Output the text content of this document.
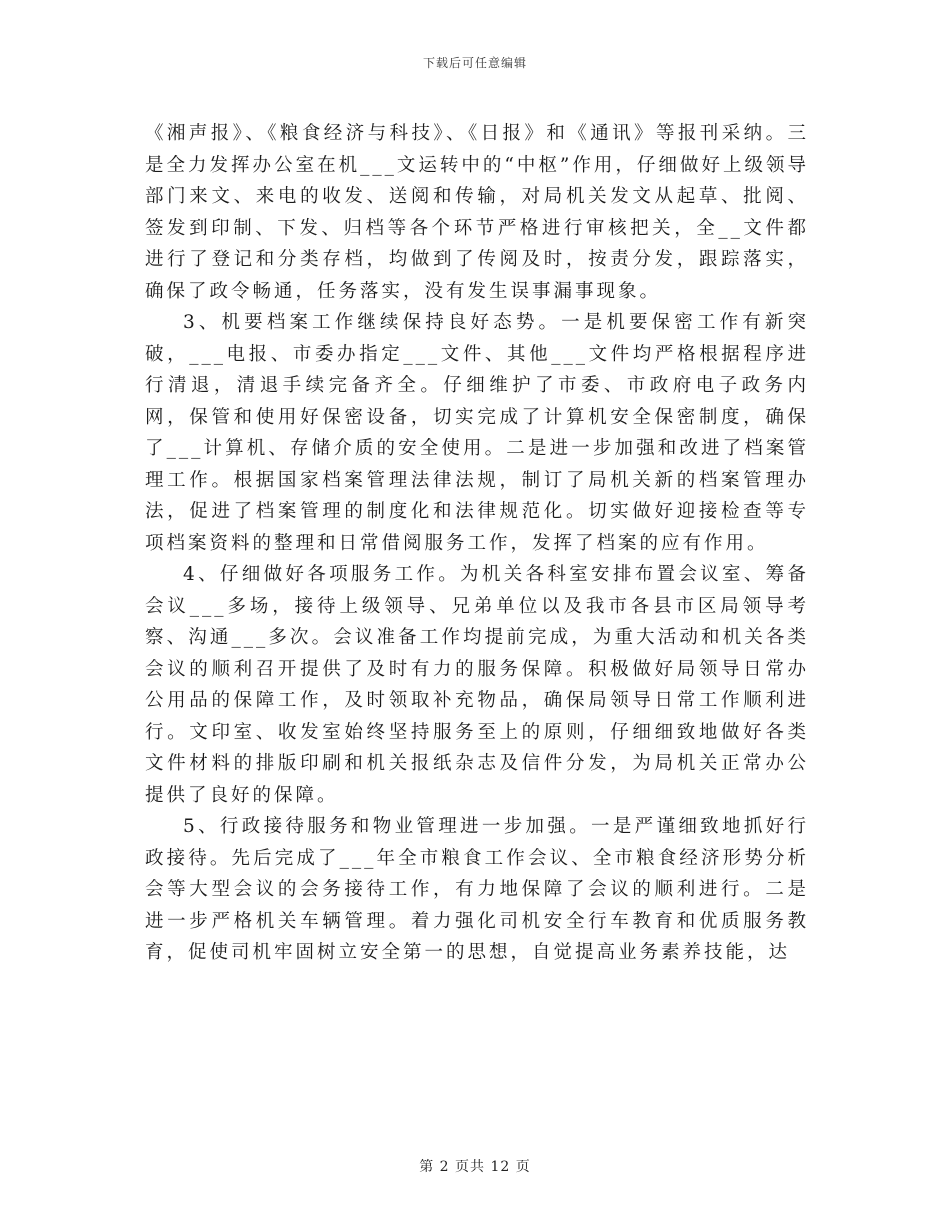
下载后可任意编辑

《湘声报》、《粮食经济与科技》、《日报》和《通讯》等报刊采纳。三是全力发挥办公室在机___文运转中的“中枢”作用，仔细做好上级领导部门来文、来电的收发、送阅和传输，对局机关发文从起草、批阅、签发到印制、下发、归档等各个环节严格进行审核把关，全__文件都进行了登记和分类存档，均做到了传阅及时，按责分发，跟踪落实，确保了政令畅通，任务落实，没有发生误事漏事现象。

3、机要档案工作继续保持良好态势。一是机要保密工作有新突破，___电报、市委办指定___文件、其他___文件均严格根据程序进行清退，清退手续完备齐全。仔细维护了市委、市政府电子政务内网，保管和使用好保密设备，切实完成了计算机安全保密制度，确保了___计算机、存储介质的安全使用。二是进一步加强和改进了档案管理工作。根据国家档案管理法律法规，制订了局机关新的档案管理办法，促进了档案管理的制度化和法律规范化。切实做好迎接检查等专项档案资料的整理和日常借阅服务工作，发挥了档案的应有作用。

4、仔细做好各项服务工作。为机关各科室安排布置会议室、筹备会议___多场，接待上级领导、兄弟单位以及我市各县市区局领导考察、沟通___多次。会议准备工作均提前完成，为重大活动和机关各类会议的顺利召开提供了及时有力的服务保障。积极做好局领导日常办公用品的保障工作，及时领取补充物品，确保局领导日常工作顺利进行。文印室、收发室始终坚持服务至上的原则，仔细细致地做好各类文件材料的排版印刷和机关报纸杂志及信件分发，为局机关正常办公提供了良好的保障。

5、行政接待服务和物业管理进一步加强。一是严谨细致地抓好行政接待。先后完成了___年全市粮食工作会议、全市粮食经济形势分析会等大型会议的会务接待工作，有力地保障了会议的顺利进行。二是进一步严格机关车辆管理。着力强化司机安全行车教育和优质服务教育，促使司机牢固树立安全第一的思想，自觉提高业务素养技能，达

第 2 页共 12 页
